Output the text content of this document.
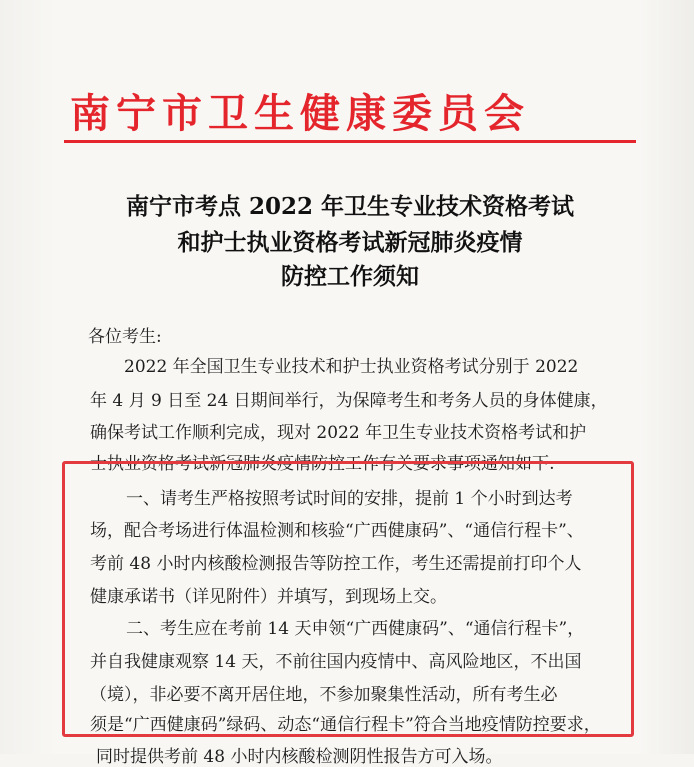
南宁市卫生健康委员会
南宁市考点 2022 年卫生专业技术资格考试
和护士执业资格考试新冠肺炎疫情
防控工作须知
各位考生:
2022 年全国卫生专业技术和护士执业资格考试分别于 2022
年 4 月 9 日至 24 日期间举行，为保障考生和考务人员的身体健康，
确保考试工作顺利完成，现对 2022 年卫生专业技术资格考试和护
士执业资格考试新冠肺炎疫情防控工作有关要求事项通知如下:
一、请考生严格按照考试时间的安排，提前 1 个小时到达考
场，配合考场进行体温检测和核验“广西健康码”、“通信行程卡”、
考前 48 小时内核酸检测报告等防控工作，考生还需提前打印个人
健康承诺书（详见附件）并填写，到现场上交。
二、考生应在考前 14 天申领“广西健康码”、“通信行程卡”，
并自我健康观察 14 天，不前往国内疫情中、高风险地区，不出国
（境），非必要不离开居住地，不参加聚集性活动，所有考生必
须是“广西健康码”绿码、动态“通信行程卡”符合当地疫情防控要求，
同时提供考前 48 小时内核酸检测阴性报告方可入场。
